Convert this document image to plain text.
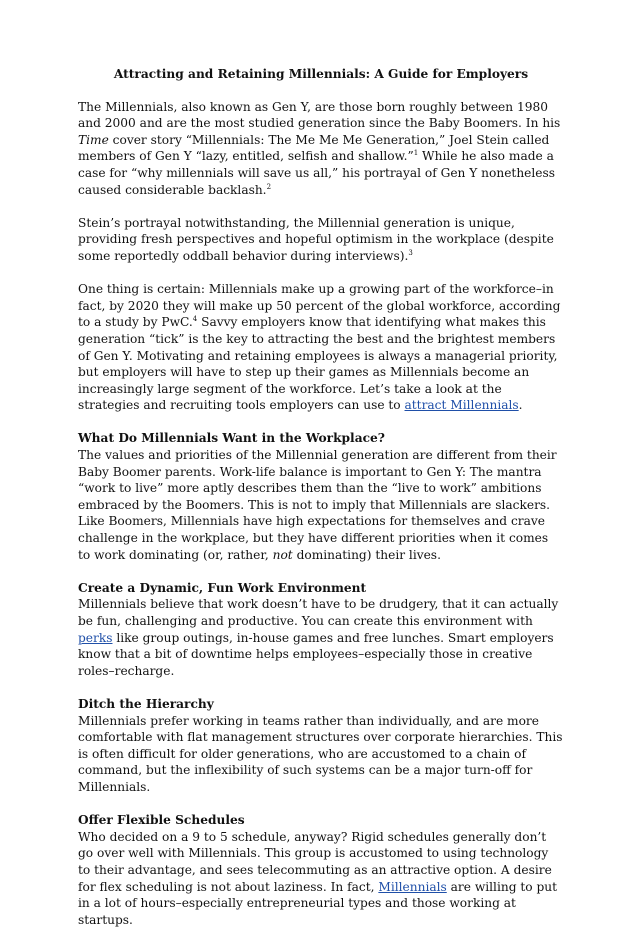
Attracting and Retaining Millennials: A Guide for Employers

The Millennials, also known as Gen Y, are those born roughly between 1980 and 2000 and are the most studied generation since the Baby Boomers. In his Time cover story “Millennials: The Me Me Me Generation,” Joel Stein called members of Gen Y “lazy, entitled, selfish and shallow.”$^1$ While he also made a case for “why millennials will save us all,” his portrayal of Gen Y nonetheless caused considerable backlash.$^2$

Stein’s portrayal notwithstanding, the Millennial generation is unique, providing fresh perspectives and hopeful optimism in the workplace (despite some reportedly oddball behavior during interviews).$^3$

One thing is certain: Millennials make up a growing part of the workforce–in fact, by 2020 they will make up 50 percent of the global workforce, according to a study by PwC.$^4$ Savvy employers know that identifying what makes this generation “tick” is the key to attracting the best and the brightest members of Gen Y. Motivating and retaining employees is always a managerial priority, but employers will have to step up their games as Millennials become an increasingly large segment of the workforce. Let’s take a look at the strategies and recruiting tools employers can use to attract Millennials.

What Do Millennials Want in the Workplace?
The values and priorities of the Millennial generation are different from their Baby Boomer parents. Work-life balance is important to Gen Y: The mantra “work to live” more aptly describes them than the “live to work” ambitions embraced by the Boomers. This is not to imply that Millennials are slackers. Like Boomers, Millennials have high expectations for themselves and crave challenge in the workplace, but they have different priorities when it comes to work dominating (or, rather, not dominating) their lives.

Create a Dynamic, Fun Work Environment
Millennials believe that work doesn’t have to be drudgery, that it can actually be fun, challenging and productive. You can create this environment with perks like group outings, in-house games and free lunches. Smart employers know that a bit of downtime helps employees–especially those in creative roles–recharge.

Ditch the Hierarchy
Millennials prefer working in teams rather than individually, and are more comfortable with flat management structures over corporate hierarchies. This is often difficult for older generations, who are accustomed to a chain of command, but the inflexibility of such systems can be a major turn-off for Millennials.

Offer Flexible Schedules
Who decided on a 9 to 5 schedule, anyway? Rigid schedules generally don’t go over well with Millennials. This group is accustomed to using technology to their advantage, and sees telecommuting as an attractive option. A desire for flex scheduling is not about laziness. In fact, Millennials are willing to put in a lot of hours–especially entrepreneurial types and those working at startups.
